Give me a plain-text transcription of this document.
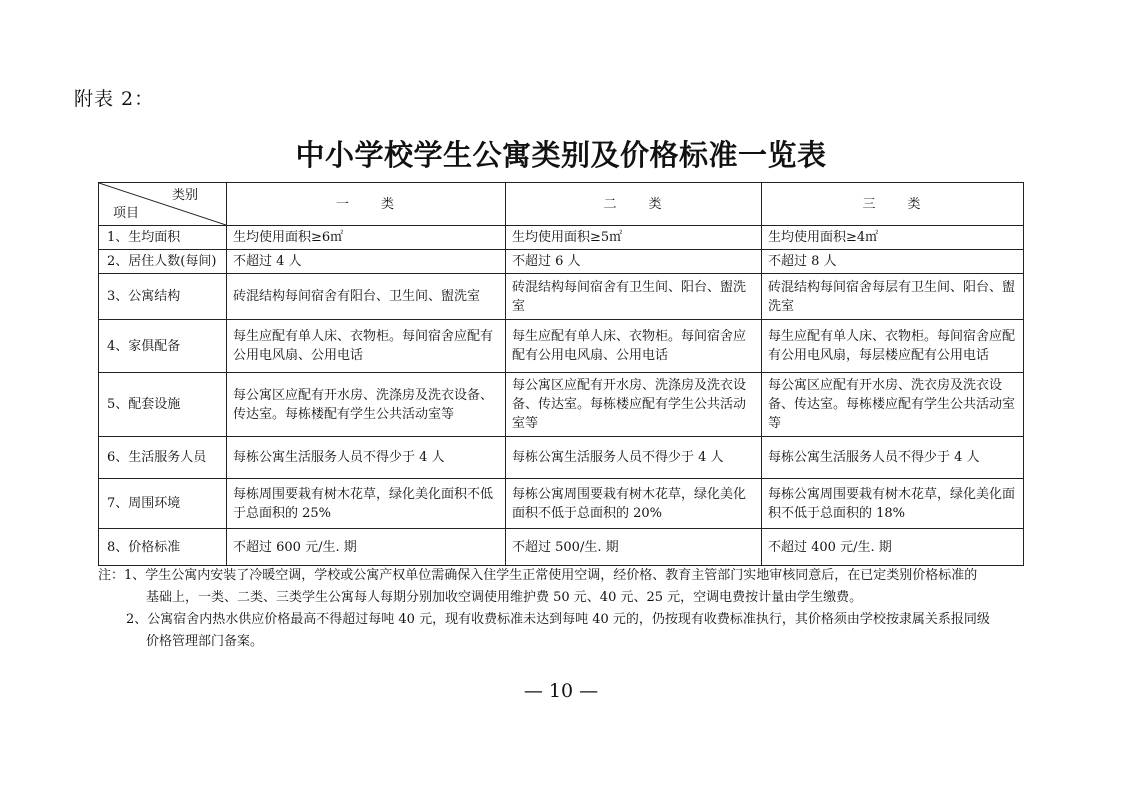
附表 2：
中小学校学生公寓类别及价格标准一览表
类别
项目	一　　类	二　　类	三　　类
1、生均面积	生均使用面积≥6㎡	生均使用面积≥5㎡	生均使用面积≥4㎡
2、居住人数(每间)	不超过 4 人	不超过 6 人	不超过 8 人
3、公寓结构	砖混结构每间宿舍有阳台、卫生间、盥洗室	砖混结构每间宿舍有卫生间、阳台、盥洗室	砖混结构每间宿舍每层有卫生间、阳台、盥洗室
4、家俱配备	每生应配有单人床、衣物柜。每间宿舍应配有公用电风扇、公用电话	每生应配有单人床、衣物柜。每间宿舍应配有公用电风扇、公用电话	每生应配有单人床、衣物柜。每间宿舍应配有公用电风扇，每层楼应配有公用电话
5、配套设施	每公寓区应配有开水房、洗涤房及洗衣设备、传达室。每栋楼配有学生公共活动室等	每公寓区应配有开水房、洗涤房及洗衣设备、传达室。每栋楼应配有学生公共活动室等	每公寓区应配有开水房、洗衣房及洗衣设备、传达室。每栋楼应配有学生公共活动室等
6、生活服务人员	每栋公寓生活服务人员不得少于 4 人	每栋公寓生活服务人员不得少于 4 人	每栋公寓生活服务人员不得少于 4 人
7、周围环境	每栋周围要栽有树木花草，绿化美化面积不低于总面积的 25%	每栋公寓周围要栽有树木花草，绿化美化面积不低于总面积的 20%	每栋公寓周围要栽有树木花草，绿化美化面积不低于总面积的 18%
8、价格标准	不超过 600 元/生. 期	不超过 500/生. 期	不超过 400 元/生. 期
注：1、学生公寓内安装了冷暖空调，学校或公寓产权单位需确保入住学生正常使用空调，经价格、教育主管部门实地审核同意后，在已定类别价格标准的
基础上，一类、二类、三类学生公寓每人每期分别加收空调使用维护费 50 元、40 元、25 元，空调电费按计量由学生缴费。
2、公寓宿舍内热水供应价格最高不得超过每吨 40 元，现有收费标准未达到每吨 40 元的，仍按现有收费标准执行，其价格须由学校按隶属关系报同级
价格管理部门备案。
— 10 —
